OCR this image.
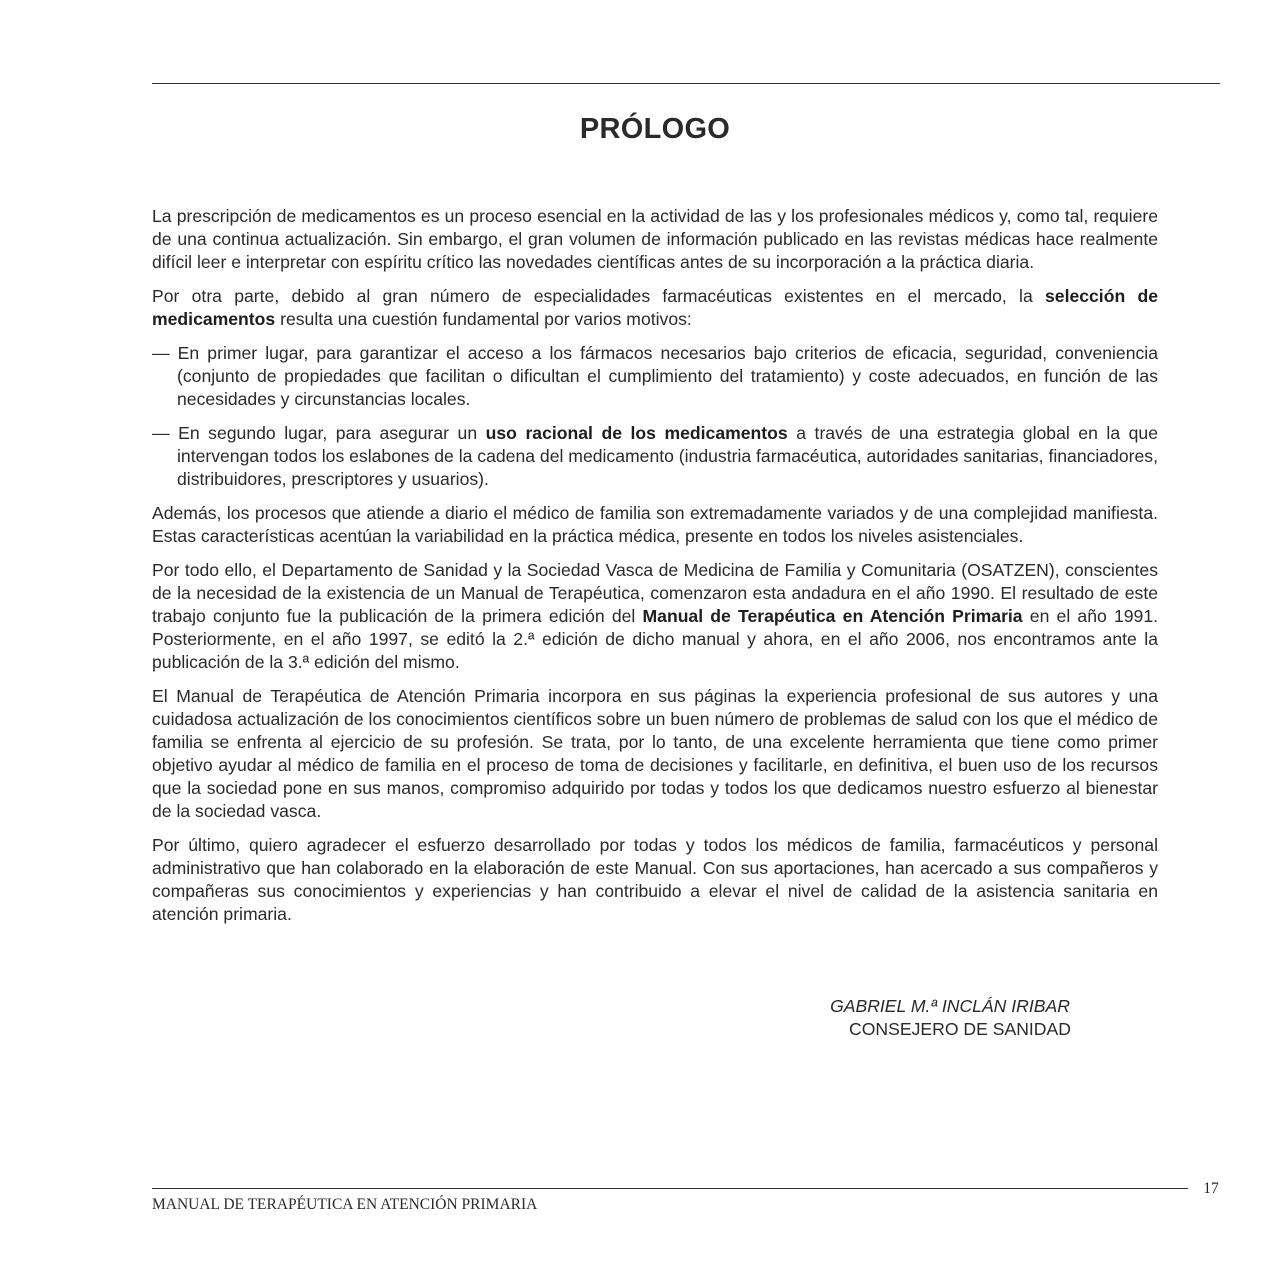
PRÓLOGO

La prescripción de medicamentos es un proceso esencial en la actividad de las y los profesionales médicos y, como tal, requiere de una continua actualización. Sin embargo, el gran volumen de información publicado en las revistas médicas hace realmente difícil leer e interpretar con espíritu crítico las novedades científicas antes de su incorporación a la práctica diaria.

Por otra parte, debido al gran número de especialidades farmacéuticas existentes en el mercado, la selección de medicamentos resulta una cuestión fundamental por varios motivos:

— En primer lugar, para garantizar el acceso a los fármacos necesarios bajo criterios de eficacia, seguridad, conveniencia (conjunto de propiedades que facilitan o dificultan el cumplimiento del tratamiento) y coste adecuados, en función de las necesidades y circunstancias locales.

— En segundo lugar, para asegurar un uso racional de los medicamentos a través de una estrategia global en la que intervengan todos los eslabones de la cadena del medicamento (industria farmacéutica, autoridades sanitarias, financiadores, distribuidores, prescriptores y usuarios).

Además, los procesos que atiende a diario el médico de familia son extremadamente variados y de una complejidad manifiesta. Estas características acentúan la variabilidad en la práctica médica, presente en todos los niveles asistenciales.

Por todo ello, el Departamento de Sanidad y la Sociedad Vasca de Medicina de Familia y Comunitaria (OSATZEN), conscientes de la necesidad de la existencia de un Manual de Terapéutica, comenzaron esta andadura en el año 1990. El resultado de este trabajo conjunto fue la publicación de la primera edición del Manual de Terapéutica en Atención Primaria en el año 1991. Posteriormente, en el año 1997, se editó la 2.ª edición de dicho manual y ahora, en el año 2006, nos encontramos ante la publicación de la 3.ª edición del mismo.

El Manual de Terapéutica de Atención Primaria incorpora en sus páginas la experiencia profesional de sus autores y una cuidadosa actualización de los conocimientos científicos sobre un buen número de problemas de salud con los que el médico de familia se enfrenta al ejercicio de su profesión. Se trata, por lo tanto, de una excelente herramienta que tiene como primer objetivo ayudar al médico de familia en el proceso de toma de decisiones y facilitarle, en definitiva, el buen uso de los recursos que la sociedad pone en sus manos, compromiso adquirido por todas y todos los que dedicamos nuestro esfuerzo al bienestar de la sociedad vasca.

Por último, quiero agradecer el esfuerzo desarrollado por todas y todos los médicos de familia, farmacéuticos y personal administrativo que han colaborado en la elaboración de este Manual. Con sus aportaciones, han acercado a sus compañeros y compañeras sus conocimientos y experiencias y han contribuido a elevar el nivel de calidad de la asistencia sanitaria en atención primaria.

GABRIEL M.ª INCLÁN IRIBAR
CONSEJERO DE SANIDAD
MANUAL DE TERAPÉUTICA EN ATENCIÓN PRIMARIA
17
